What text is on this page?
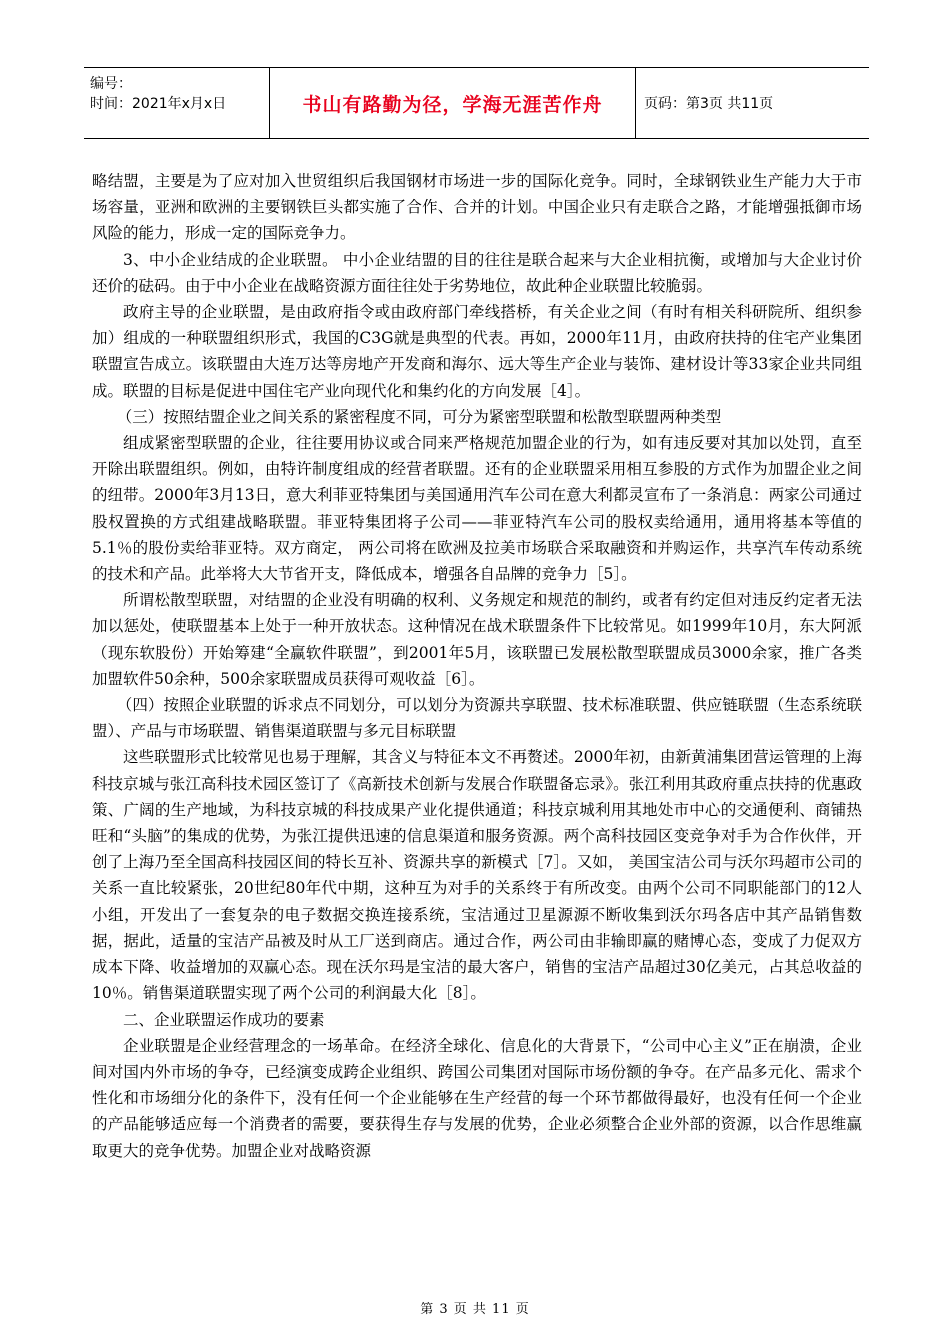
编号：
时间：2021年x月x日	书山有路勤为径，学海无涯苦作舟	页码：第3页 共11页

略结盟，主要是为了应对加入世贸组织后我国钢材市场进一步的国际化竞争。同时，全球钢铁业生产能力大于市场容量，亚洲和欧洲的主要钢铁巨头都实施了合作、合并的计划。中国企业只有走联合之路，才能增强抵御市场风险的能力，形成一定的国际竞争力。

3、中小企业结成的企业联盟。 中小企业结盟的目的往往是联合起来与大企业相抗衡，或增加与大企业讨价还价的砝码。由于中小企业在战略资源方面往往处于劣势地位，故此种企业联盟比较脆弱。

政府主导的企业联盟，是由政府指令或由政府部门牵线搭桥，有关企业之间（有时有相关科研院所、组织参加）组成的一种联盟组织形式，我国的C3G就是典型的代表。再如，2000年11月，由政府扶持的住宅产业集团联盟宣告成立。该联盟由大连万达等房地产开发商和海尔、远大等生产企业与装饰、建材设计等33家企业共同组成。联盟的目标是促进中国住宅产业向现代化和集约化的方向发展［4］。

（三）按照结盟企业之间关系的紧密程度不同，可分为紧密型联盟和松散型联盟两种类型

组成紧密型联盟的企业，往往要用协议或合同来严格规范加盟企业的行为，如有违反要对其加以处罚，直至开除出联盟组织。例如，由特许制度组成的经营者联盟。还有的企业联盟采用相互参股的方式作为加盟企业之间的纽带。2000年3月13日，意大利菲亚特集团与美国通用汽车公司在意大利都灵宣布了一条消息：两家公司通过股权置换的方式组建战略联盟。菲亚特集团将子公司——菲亚特汽车公司的股权卖给通用，通用将基本等值的5.1％的股份卖给菲亚特。双方商定， 两公司将在欧洲及拉美市场联合采取融资和并购运作，共享汽车传动系统的技术和产品。此举将大大节省开支，降低成本，增强各自品牌的竞争力［5］。

所谓松散型联盟，对结盟的企业没有明确的权利、义务规定和规范的制约，或者有约定但对违反约定者无法加以惩处，使联盟基本上处于一种开放状态。这种情况在战术联盟条件下比较常见。如1999年10月，东大阿派（现东软股份）开始筹建“全赢软件联盟”，到2001年5月，该联盟已发展松散型联盟成员3000余家，推广各类加盟软件50余种，500余家联盟成员获得可观收益［6］。

（四）按照企业联盟的诉求点不同划分，可以划分为资源共享联盟、技术标准联盟、供应链联盟（生态系统联盟）、产品与市场联盟、销售渠道联盟与多元目标联盟

这些联盟形式比较常见也易于理解，其含义与特征本文不再赘述。2000年初，由新黄浦集团营运管理的上海科技京城与张江高科技术园区签订了《高新技术创新与发展合作联盟备忘录》。张江利用其政府重点扶持的优惠政策、广阔的生产地域，为科技京城的科技成果产业化提供通道；科技京城利用其地处市中心的交通便利、商铺热旺和“头脑”的集成的优势，为张江提供迅速的信息渠道和服务资源。两个高科技园区变竞争对手为合作伙伴，开创了上海乃至全国高科技园区间的特长互补、资源共享的新模式［7］。又如， 美国宝洁公司与沃尔玛超市公司的关系一直比较紧张，20世纪80年代中期，这种互为对手的关系终于有所改变。由两个公司不同职能部门的12人小组，开发出了一套复杂的电子数据交换连接系统，宝洁通过卫星源源不断收集到沃尔玛各店中其产品销售数据，据此，适量的宝洁产品被及时从工厂送到商店。通过合作，两公司由非输即赢的赌博心态，变成了力促双方成本下降、收益增加的双赢心态。现在沃尔玛是宝洁的最大客户，销售的宝洁产品超过30亿美元，占其总收益的10％。销售渠道联盟实现了两个公司的利润最大化［8］。

二、企业联盟运作成功的要素

企业联盟是企业经营理念的一场革命。在经济全球化、信息化的大背景下，“公司中心主义”正在崩溃，企业间对国内外市场的争夺，已经演变成跨企业组织、跨国公司集团对国际市场份额的争夺。在产品多元化、需求个性化和市场细分化的条件下，没有任何一个企业能够在生产经营的每一个环节都做得最好，也没有任何一个企业的产品能够适应每一个消费者的需要，要获得生存与发展的优势，企业必须整合企业外部的资源，以合作思维赢取更大的竞争优势。加盟企业对战略资源

第 3 页 共 11 页
